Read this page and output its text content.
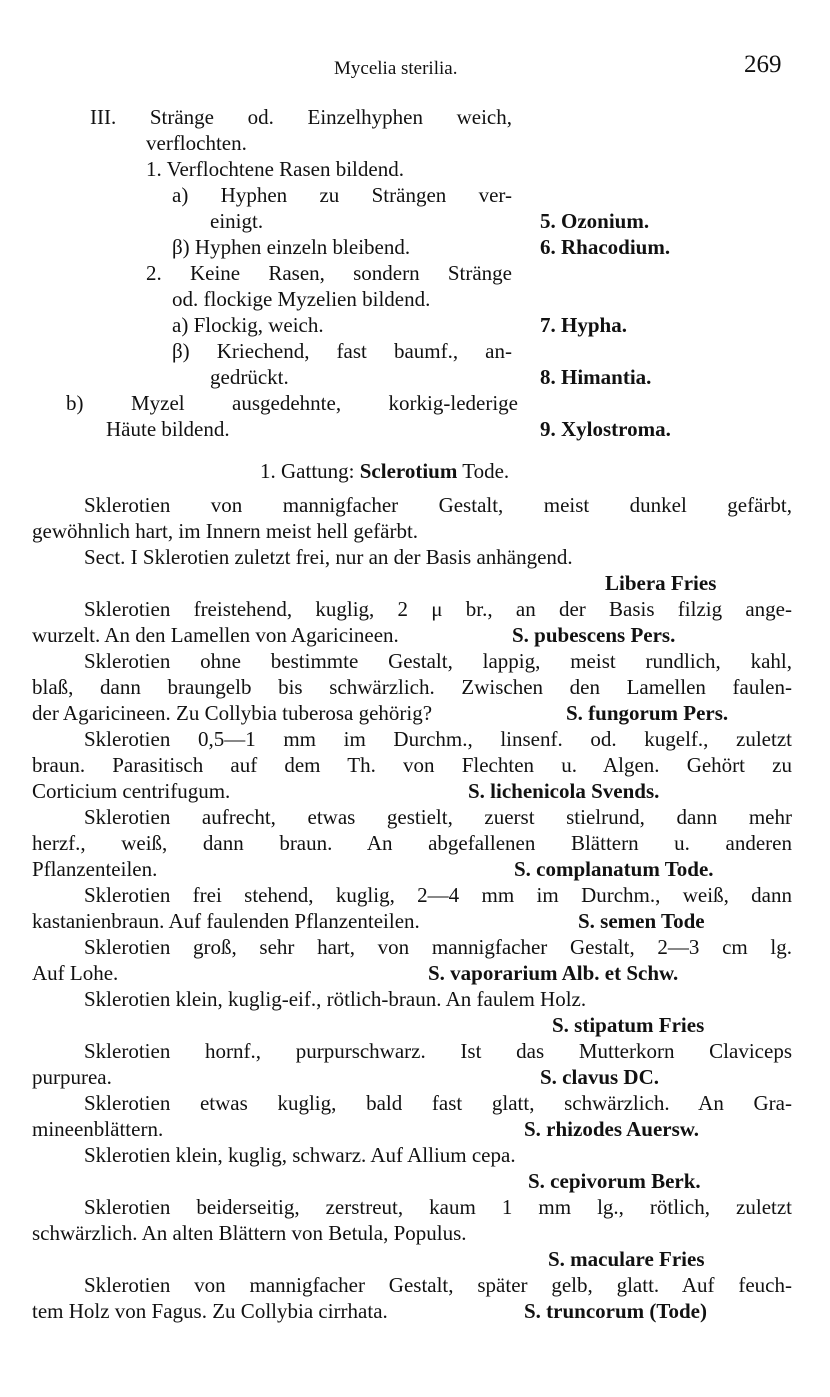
Mycelia sterilia.	269
III. Stränge od. Einzelhyphen weich,
verflochten.
1. Verflochtene Rasen bildend.
a) Hyphen zu Strängen ver-
einigt.	5. Ozonium.
β) Hyphen einzeln bleibend.	6. Rhacodium.
2. Keine Rasen, sondern Stränge
od. flockige Myzelien bildend.
a) Flockig, weich.	7. Hypha.
β) Kriechend, fast baumf., an-
gedrückt.	8. Himantia.
b) Myzel ausgedehnte, korkig-lederige
Häute bildend.	9. Xylostroma.
1. Gattung: Sclerotium Tode.
Sklerotien von mannigfacher Gestalt, meist dunkel gefärbt,
gewöhnlich hart, im Innern meist hell gefärbt.
Sect. I Sklerotien zuletzt frei, nur an der Basis anhängend.
Libera Fries
Sklerotien freistehend, kuglig, 2 μ br., an der Basis filzig ange-
wurzelt. An den Lamellen von Agaricineen.	S. pubescens Pers.
Sklerotien ohne bestimmte Gestalt, lappig, meist rundlich, kahl,
blaß, dann braungelb bis schwärzlich. Zwischen den Lamellen faulen-
der Agaricineen. Zu Collybia tuberosa gehörig?	S. fungorum Pers.
Sklerotien 0,5—1 mm im Durchm., linsenf. od. kugelf., zuletzt
braun. Parasitisch auf dem Th. von Flechten u. Algen. Gehört zu
Corticium centrifugum.	S. lichenicola Svends.
Sklerotien aufrecht, etwas gestielt, zuerst stielrund, dann mehr
herzf., weiß, dann braun. An abgefallenen Blättern u. anderen
Pflanzenteilen.	S. complanatum Tode.
Sklerotien frei stehend, kuglig, 2—4 mm im Durchm., weiß, dann
kastanienbraun. Auf faulenden Pflanzenteilen.	S. semen Tode
Sklerotien groß, sehr hart, von mannigfacher Gestalt, 2—3 cm lg.
Auf Lohe.	S. vaporarium Alb. et Schw.
Sklerotien klein, kuglig-eif., rötlich-braun. An faulem Holz.
S. stipatum Fries
Sklerotien hornf., purpurschwarz. Ist das Mutterkorn Claviceps
purpurea.	S. clavus DC.
Sklerotien etwas kuglig, bald fast glatt, schwärzlich. An Gra-
mineenblättern.	S. rhizodes Auersw.
Sklerotien klein, kuglig, schwarz. Auf Allium cepa.
S. cepivorum Berk.
Sklerotien beiderseitig, zerstreut, kaum 1 mm lg., rötlich, zuletzt
schwärzlich. An alten Blättern von Betula, Populus.
S. maculare Fries
Sklerotien von mannigfacher Gestalt, später gelb, glatt. Auf feuch-
tem Holz von Fagus. Zu Collybia cirrhata.	S. truncorum (Tode)
